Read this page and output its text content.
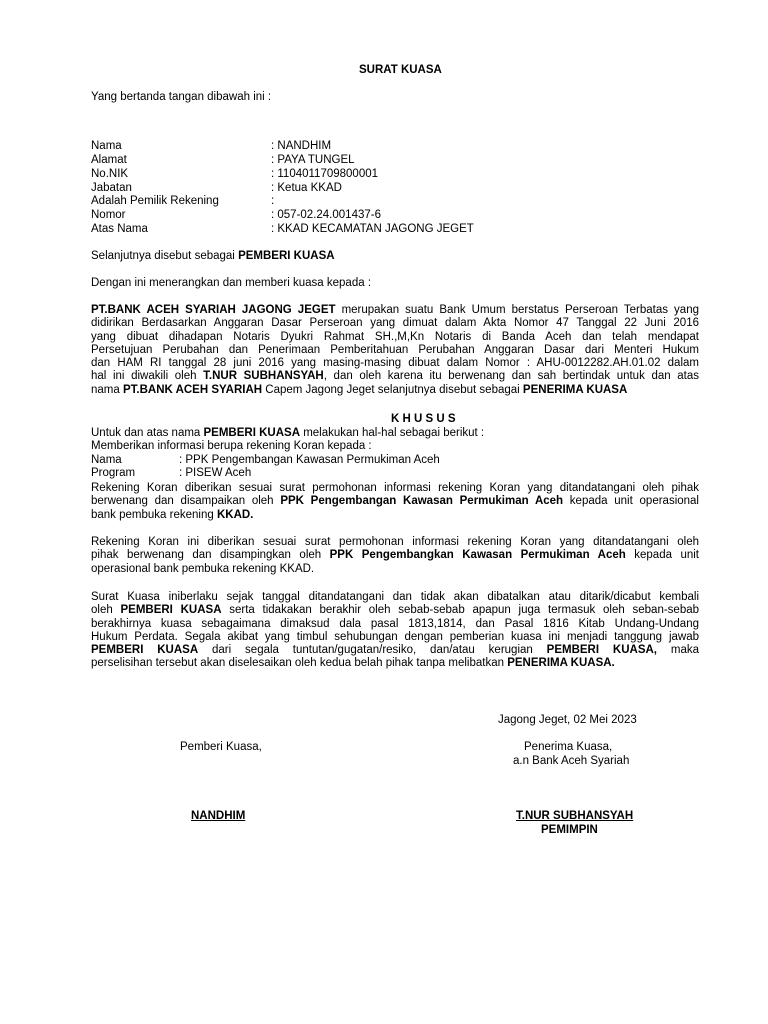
SURAT KUASA
Yang bertanda tangan dibawah ini :
Nama	: NANDHIM
Alamat	: PAYA TUNGEL
No.NIK	: 1104011709800001
Jabatan	: Ketua KKAD
Adalah Pemilik Rekening	:
Nomor	: 057-02.24.001437-6
Atas Nama	: KKAD KECAMATAN JAGONG JEGET
Selanjutnya disebut sebagai PEMBERI KUASA
Dengan ini menerangkan dan memberi kuasa kepada :
PT.BANK ACEH SYARIAH JAGONG JEGET merupakan suatu Bank Umum berstatus Perseroan Terbatas yang
didirikan Berdasarkan Anggaran Dasar Perseroan yang dimuat dalam Akta Nomor 47 Tanggal 22 Juni 2016
yang dibuat dihadapan Notaris Dyukri Rahmat SH.,M,Kn Notaris di Banda Aceh dan telah mendapat
Persetujuan Perubahan dan Penerimaan Pemberitahuan Perubahan Anggaran Dasar dari Menteri Hukum
dan HAM RI tanggal 28 juni 2016 yang masing-masing dibuat dalam Nomor : AHU-0012282.AH.01.02 dalam
hal ini diwakili oleh T.NUR SUBHANSYAH, dan oleh karena itu berwenang dan sah bertindak untuk dan atas
nama PT.BANK ACEH SYARIAH Capem Jagong Jeget selanjutnya disebut sebagai PENERIMA KUASA
K H U S U S
Untuk dan atas nama PEMBERI KUASA melakukan hal-hal sebagai berikut :
Memberikan informasi berupa rekening Koran kepada :
Nama	: PPK Pengembangan Kawasan Permukiman Aceh
Program	: PISEW Aceh
Rekening Koran diberikan sesuai surat permohonan informasi rekening Koran yang ditandatangani oleh pihak
berwenang dan disampaikan oleh PPK Pengembangan Kawasan Permukiman Aceh kepada unit operasional
bank pembuka rekening KKAD.
Rekening Koran ini diberikan sesuai surat permohonan informasi rekening Koran yang ditandatangani oleh
pihak berwenang dan disampingkan oleh PPK Pengembangkan Kawasan Permukiman Aceh kepada unit
operasional bank pembuka rekening KKAD.
Surat Kuasa iniberlaku sejak tanggal ditandatangani dan tidak akan dibatalkan atau ditarik/dicabut kembali
oleh PEMBERI KUASA serta tidakakan berakhir oleh sebab-sebab apapun juga termasuk oleh seban-sebab
berakhirnya kuasa sebagaimana dimaksud dala pasal 1813,1814, dan Pasal 1816 Kitab Undang-Undang
Hukum Perdata. Segala akibat yang timbul sehubungan dengan pemberian kuasa ini menjadi tanggung jawab
PEMBERI KUASA dari segala tuntutan/gugatan/resiko, dan/atau kerugian PEMBERI KUASA, maka
perselisihan tersebut akan diselesaikan oleh kedua belah pihak tanpa melibatkan PENERIMA KUASA.
Jagong Jeget, 02 Mei 2023
Pemberi Kuasa,	Penerima Kuasa,
a.n Bank Aceh Syariah
NANDHIM	T.NUR SUBHANSYAH
PEMIMPIN
